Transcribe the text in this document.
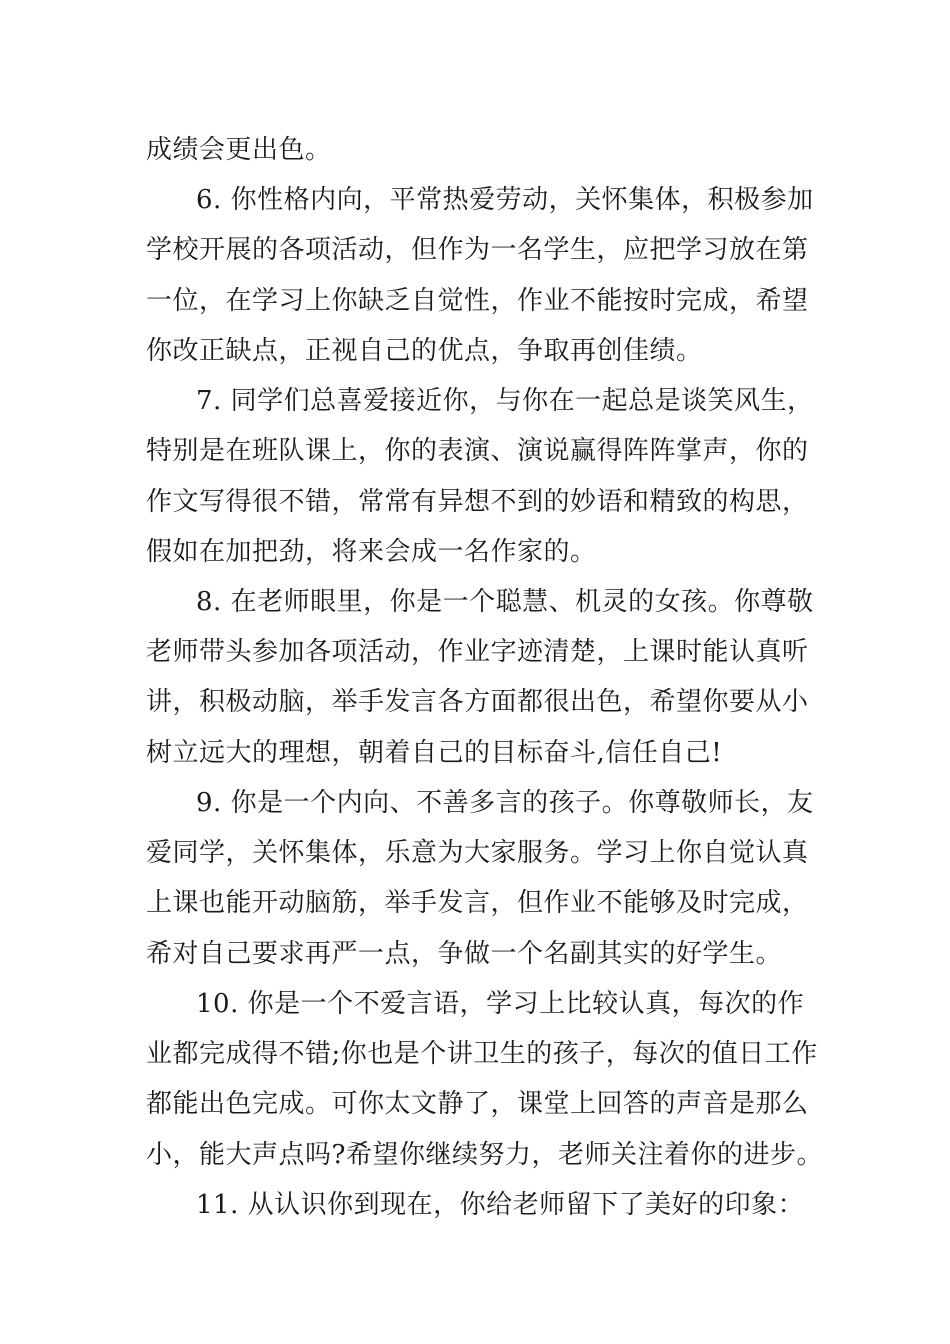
成绩会更出色。
6. 你性格内向，平常热爱劳动，关怀集体，积极参加
学校开展的各项活动，但作为一名学生，应把学习放在第
一位，在学习上你缺乏自觉性，作业不能按时完成，希望
你改正缺点，正视自己的优点，争取再创佳绩。
7. 同学们总喜爱接近你，与你在一起总是谈笑风生，
特别是在班队课上，你的表演、演说赢得阵阵掌声，你的
作文写得很不错，常常有异想不到的妙语和精致的构思，
假如在加把劲，将来会成一名作家的。
8. 在老师眼里，你是一个聪慧、机灵的女孩。你尊敬
老师带头参加各项活动，作业字迹清楚，上课时能认真听
讲，积极动脑，举手发言各方面都很出色，希望你要从小
树立远大的理想，朝着自己的目标奋斗,信任自己!
9. 你是一个内向、不善多言的孩子。你尊敬师长，友
爱同学，关怀集体，乐意为大家服务。学习上你自觉认真
上课也能开动脑筋，举手发言，但作业不能够及时完成，
希对自己要求再严一点，争做一个名副其实的好学生。
10. 你是一个不爱言语，学习上比较认真，每次的作
业都完成得不错;你也是个讲卫生的孩子，每次的值日工作
都能出色完成。可你太文静了，课堂上回答的声音是那么
小，能大声点吗?希望你继续努力，老师关注着你的进步。
11. 从认识你到现在，你给老师留下了美好的印象：
